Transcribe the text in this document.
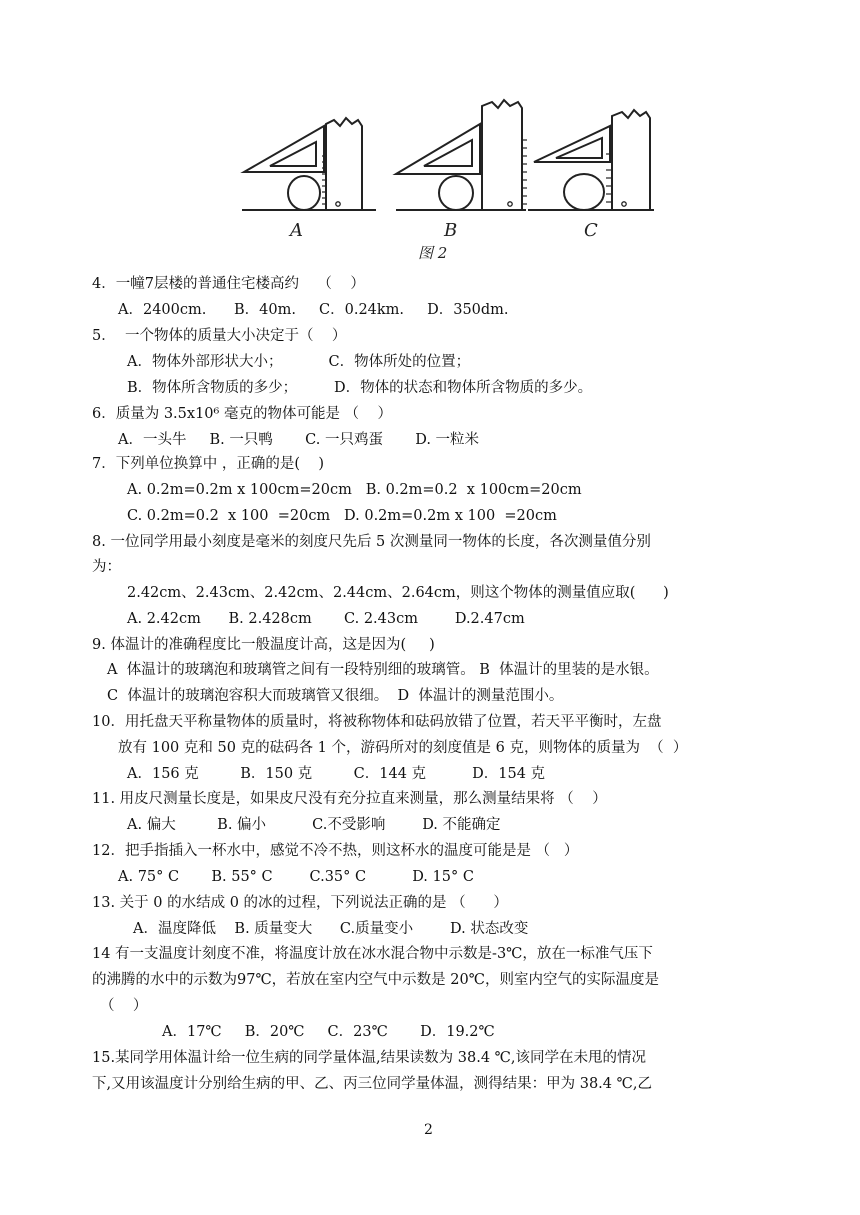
A	B	C
图 2
4．一幢7层楼的普通住宅楼高约    （    ）
A．2400cm.      B．40m.     C．0.24km.     D．350dm.
5．  一个物体的质量大小决定于（    ）
A．物体外部形状大小；          C．物体所处的位置；
B．物体所含物质的多少；        D．物体的状态和物体所含物质的多少。
6．质量为 3.5x10⁶ 毫克的物体可能是 （    ）
A．一头牛     B. 一只鸭       C. 一只鸡蛋       D. 一粒米
7．下列单位换算中 ，正确的是(    )
A. 0.2m=0.2m x 100cm=20cm   B. 0.2m=0.2  x 100cm=20cm
C. 0.2m=0.2  x 100  =20cm   D. 0.2m=0.2m x 100  =20cm
8. 一位同学用最小刻度是毫米的刻度尺先后 5 次测量同一物体的长度，各次测量值分别
为：
2.42cm、2.43cm、2.42cm、2.44cm、2.64cm，则这个物体的测量值应取(      )
A. 2.42cm      B. 2.428cm       C. 2.43cm        D.2.47cm
9. 体温计的准确程度比一般温度计高，这是因为(     )
A  体温计的玻璃泡和玻璃管之间有一段特别细的玻璃管。 B  体温计的里装的是水银。
C  体温计的玻璃泡容积大而玻璃管又很细。  D  体温计的测量范围小。
10．用托盘天平称量物体的质量时，将被称物体和砝码放错了位置，若天平平衡时，左盘
放有 100 克和 50 克的砝码各 1 个，游码所对的刻度值是 6 克，则物体的质量为  （  ）
A．156 克         B．150 克         C．144 克          D．154 克
11. 用皮尺测量长度是，如果皮尺没有充分拉直来测量，那么测量结果将 （    ）
A. 偏大         B. 偏小          C.不受影响        D. 不能确定
12．把手指插入一杯水中，感觉不冷不热，则这杯水的温度可能是是 （   ）
A. 75° C       B. 55° C        C.35° C          D. 15° C
13. 关于 0 的水结成 0 的冰的过程，下列说法正确的是 （      ）
A．温度降低    B. 质量变大      C.质量变小        D. 状态改变
14 有一支温度计刻度不准，将温度计放在冰水混合物中示数是-3℃，放在一标准气压下
的沸腾的水中的示数为97℃，若放在室内空气中示数是 20℃，则室内空气的实际温度是
（    ）
A．17℃     B．20℃     C．23℃       D．19.2℃
15.某同学用体温计给一位生病的同学量体温,结果读数为 38.4 ℃,该同学在未甩的情况
下,又用该温度计分别给生病的甲、乙、丙三位同学量体温，测得结果：甲为 38.4 ℃,乙
2
